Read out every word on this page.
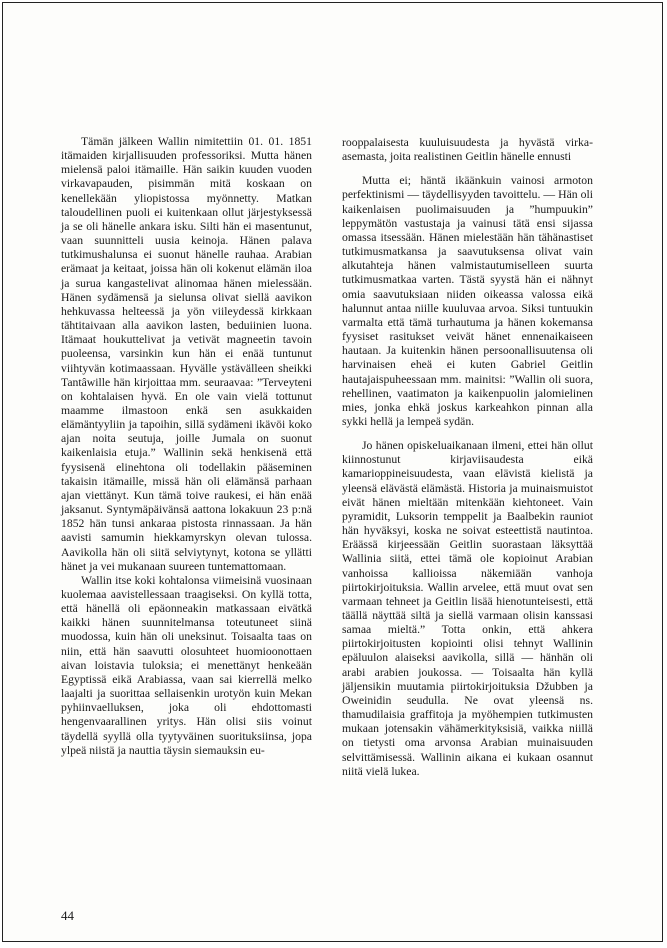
Tämän jälkeen Wallin nimitettiin 01. 01. 1851 itämaiden kirjallisuuden professoriksi. Mutta hänen mielensä paloi itämaille. Hän saikin kuuden vuoden virkavapauden, pisimmän mitä koskaan on kenellekään yliopistossa myönnetty. Matkan taloudellinen puoli ei kuitenkaan ollut järjestyksessä ja se oli hänelle ankara isku. Silti hän ei masentunut, vaan suunnitteli uusia keinoja. Hänen palava tutkimushalunsa ei suonut hänelle rauhaa. Arabian erämaat ja keitaat, joissa hän oli kokenut elämän iloa ja surua kangastelivat alinomaa hänen mielessään. Hänen sydämensä ja sielunsa olivat siellä aavikon hehkuvassa helteessä ja yön viileydessä kirkkaan tähtitaivaan alla aavikon lasten, beduiinien luona. Itämaat houkuttelivat ja vetivät magneetin tavoin puoleensa, varsinkin kun hän ei enää tuntunut viihtyvän kotimaassaan. Hyvälle ystävälleen sheikki Tantâwille hän kirjoittaa mm. seuraavaa: ”Terveyteni on kohtalaisen hyvä. En ole vain vielä tottunut maamme ilmastoon enkä sen asukkaiden elämäntyyliin ja tapoihin, sillä sydämeni ikävöi koko ajan noita seutuja, joille Jumala on suonut kaikenlaisia etuja.” Wallinin sekä henkisenä että fyysisenä elinehtona oli todellakin pääseminen takaisin itämaille, missä hän oli elämänsä parhaan ajan viettänyt. Kun tämä toive raukesi, ei hän enää jaksanut. Syntymäpäivänsä aattona lokakuun 23 p:nä 1852 hän tunsi ankaraa pistosta rinnassaan. Ja hän aavisti samumin hiekkamyrskyn olevan tulossa. Aavikolla hän oli siitä selviytynyt, kotona se yllätti hänet ja vei mukanaan suureen tuntemattomaan.

Wallin itse koki kohtalonsa viimeisinä vuosinaan kuolemaa aavistellessaan traagiseksi. On kyllä totta, että hänellä oli epäonneakin matkassaan eivätkä kaikki hänen suunnitelmansa toteutuneet siinä muodossa, kuin hän oli uneksinut. Toisaalta taas on niin, että hän saavutti olosuhteet huomioonottaen aivan loistavia tuloksia; ei menettänyt henkeään Egyptissä eikä Arabiassa, vaan sai kierrellä melko laajalti ja suorittaa sellaisenkin urotyön kuin Mekan pyhiinvaelluksen, joka oli ehdottomasti hengenvaarallinen yritys. Hän olisi siis voinut täydellä syyllä olla tyytyväinen suorituksiinsa, jopa ylpeä niistä ja nauttia täysin siemauksin eu-

rooppalaisesta kuuluisuudesta ja hyvästä virka-asemasta, joita realistinen Geitlin hänelle ennusti

Mutta ei; häntä ikäänkuin vainosi armoton perfektinismi — täydellisyyden tavoittelu. — Hän oli kaikenlaisen puolimaisuuden ja ”humpuukin” leppymätön vastustaja ja vainusi tätä ensi sijassa omassa itsessään. Hänen mielestään hän tähänastiset tutkimusmatkansa ja saavutuksensa olivat vain alkutahteja hänen valmistautumiselleen suurta tutkimusmatkaa varten. Tästä syystä hän ei nähnyt omia saavutuksiaan niiden oikeassa valossa eikä halunnut antaa niille kuuluvaa arvoa. Siksi tuntuukin varmalta että tämä turhautuma ja hänen kokemansa fyysiset rasitukset veivät hänet ennenaikaiseen hautaan. Ja kuitenkin hänen persoonallisuutensa oli harvinaisen eheä ei kuten Gabriel Geitlin hautajaispuheessaan mm. mainitsi: ”Wallin oli suora, rehellinen, vaatimaton ja kaikenpuolin jalomielinen mies, jonka ehkä joskus karkeahkon pinnan alla sykki hellä ja lempeä sydän.

Jo hänen opiskeluaikanaan ilmeni, ettei hän ollut kiinnostunut kirjaviisaudesta eikä kamarioppineisuudesta, vaan elävistä kielistä ja yleensä elävästä elämästä. Historia ja muinaismuistot eivät hänen mieltään mitenkään kiehtoneet. Vain pyramidit, Luksorin temppelit ja Baalbekin rauniot hän hyväksyi, koska ne soivat esteettistä nautintoa. Eräässä kirjeessään Geitlin suorastaan läksyttää Walliniа siitä, ettei tämä ole kopioinut Arabian vanhoissa kallioissa näkemiään vanhoja piirtokirjoituksia. Wallin arvelee, että muut ovat sen varmaan tehneet ja Geitlin lisää hienotunteisesti, että täällä näyttää siltä ja siellä varmaan olisin kanssasi samaa mieltä.” Totta onkin, että ahkera piirtokirjoitusten kopiointi olisi tehnyt Wallinin epäluulon alaiseksi aavikolla, sillä — hänhän oli arabi arabien joukossa. — Toisaalta hän kyllä jäljensikin muutamia piirtokirjoituksia Džubben ja Oweinidin seudulla. Ne ovat yleensä ns. thamudilaisia graffitoja ja myöhempien tutkimusten mukaan jotensakin vähämerkityksisiä, vaikka niillä on tietysti oma arvonsa Arabian muinaisuuden selvittämisessä. Wallinin aikana ei kukaan osannut niitä vielä lukea.

44
